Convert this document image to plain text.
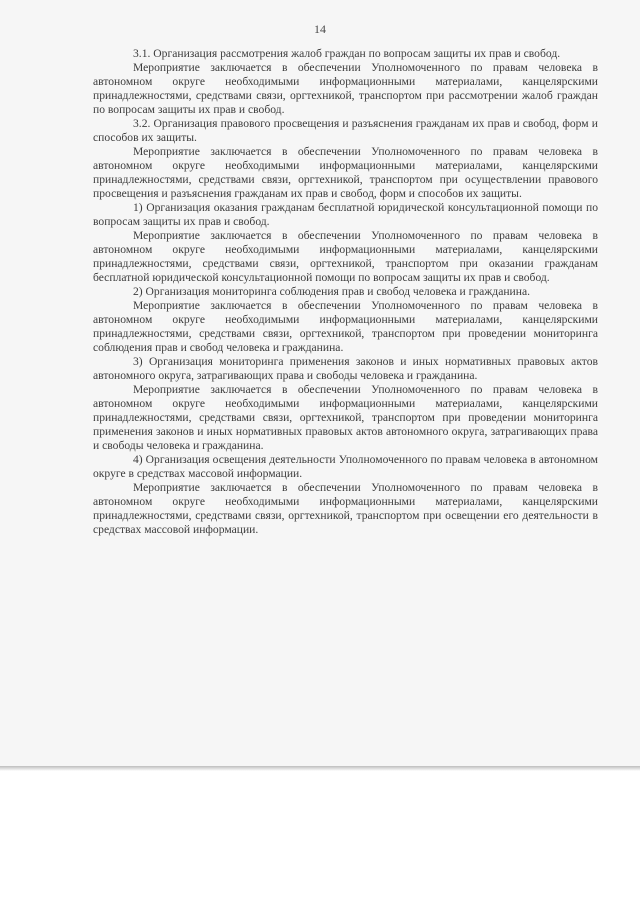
14

3.1. Организация рассмотрения жалоб граждан по вопросам защиты их прав и свобод.

Мероприятие заключается в обеспечении Уполномоченного по правам человека в автономном округе необходимыми информационными материалами, канцелярскими принадлежностями, средствами связи, оргтехникой, транспортом при рассмотрении жалоб граждан по вопросам защиты их прав и свобод.

3.2. Организация правового просвещения и разъяснения гражданам их прав и свобод, форм и способов их защиты.

Мероприятие заключается в обеспечении Уполномоченного по правам человека в автономном округе необходимыми информационными материалами, канцелярскими принадлежностями, средствами связи, оргтехникой, транспортом при осуществлении правового просвещения и разъяснения гражданам их прав и свобод, форм и способов их защиты.

1) Организация оказания гражданам бесплатной юридической консультационной помощи по вопросам защиты их прав и свобод.

Мероприятие заключается в обеспечении Уполномоченного по правам человека в автономном округе необходимыми информационными материалами, канцелярскими принадлежностями, средствами связи, оргтехникой, транспортом при оказании гражданам бесплатной юридической консультационной помощи по вопросам защиты их прав и свобод.

2) Организация мониторинга соблюдения прав и свобод человека и гражданина.

Мероприятие заключается в обеспечении Уполномоченного по правам человека в автономном округе необходимыми информационными материалами, канцелярскими принадлежностями, средствами связи, оргтехникой, транспортом при проведении мониторинга соблюдения прав и свобод человека и гражданина.

3) Организация мониторинга применения законов и иных нормативных правовых актов автономного округа, затрагивающих права и свободы человека и гражданина.

Мероприятие заключается в обеспечении Уполномоченного по правам человека в автономном округе необходимыми информационными материалами, канцелярскими принадлежностями, средствами связи, оргтехникой, транспортом при проведении мониторинга применения законов и иных нормативных правовых актов автономного округа, затрагивающих права и свободы человека и гражданина.

4) Организация освещения деятельности Уполномоченного по правам человека в автономном округе в средствах массовой информации.

Мероприятие заключается в обеспечении Уполномоченного по правам человека в автономном округе необходимыми информационными материалами, канцелярскими принадлежностями, средствами связи, оргтехникой, транспортом при освещении его деятельности в средствах массовой информации.
